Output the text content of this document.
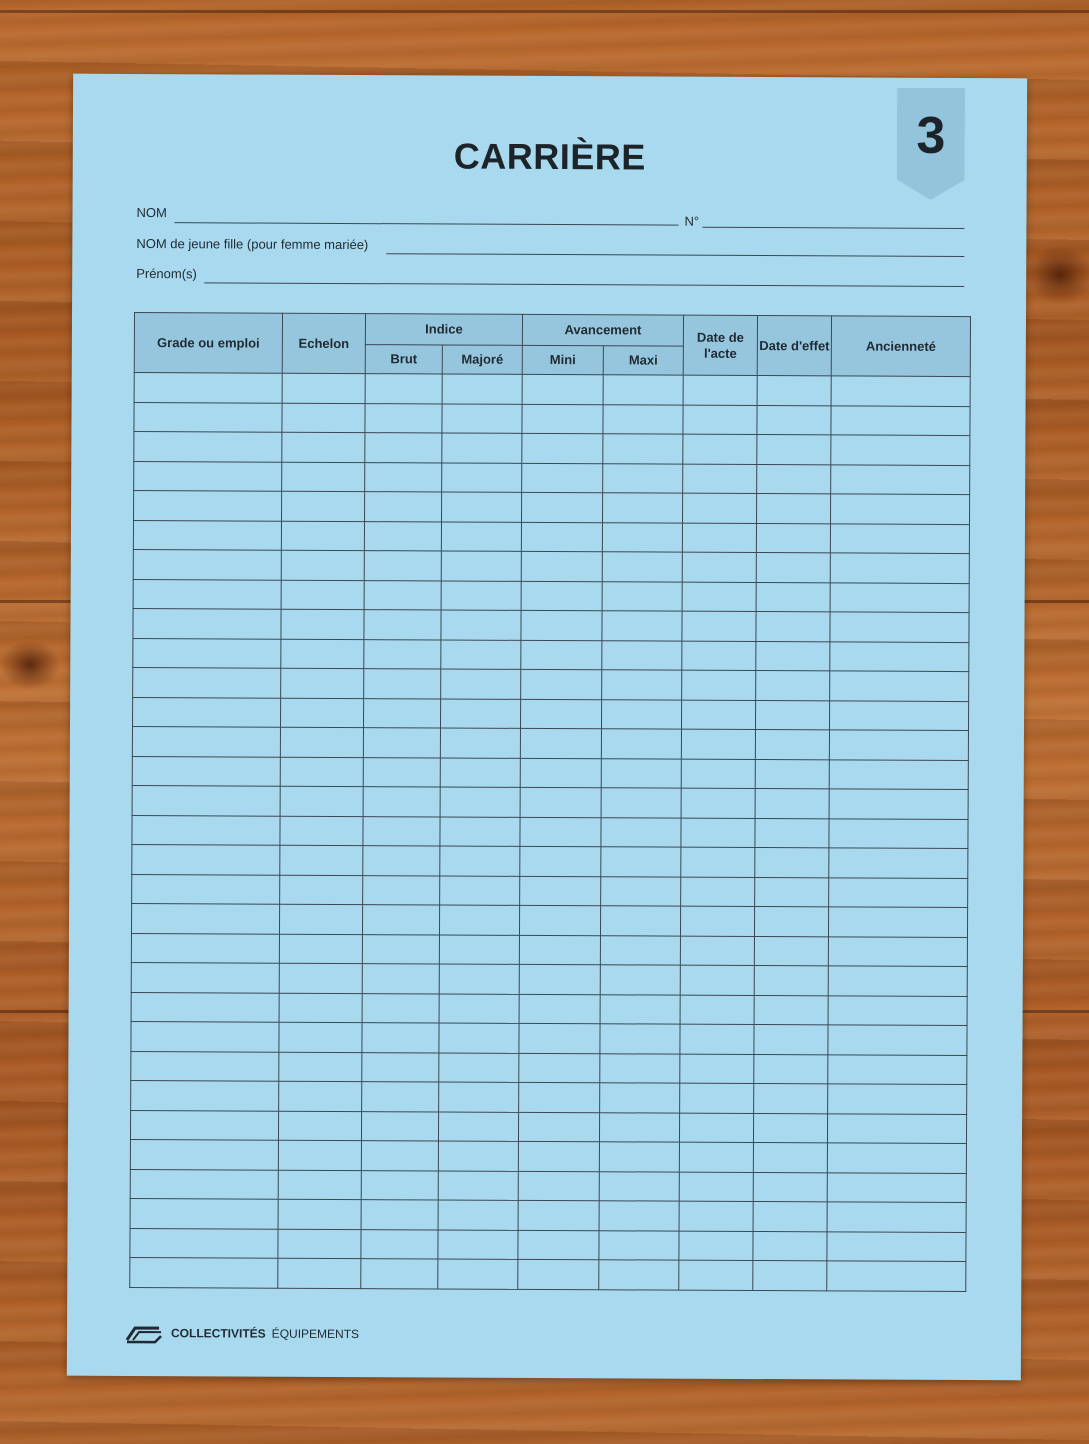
3
CARRIÈRE
NOM
N°
NOM de jeune fille (pour femme mariée)
Prénom(s)
Grade ou emploi	Echelon	Indice		Avancement		Date de l'acte	Date d'effet	Ancienneté
		Brut	Majoré	Mini	Maxi			

COLLECTIVITÉS ÉQUIPEMENTS
